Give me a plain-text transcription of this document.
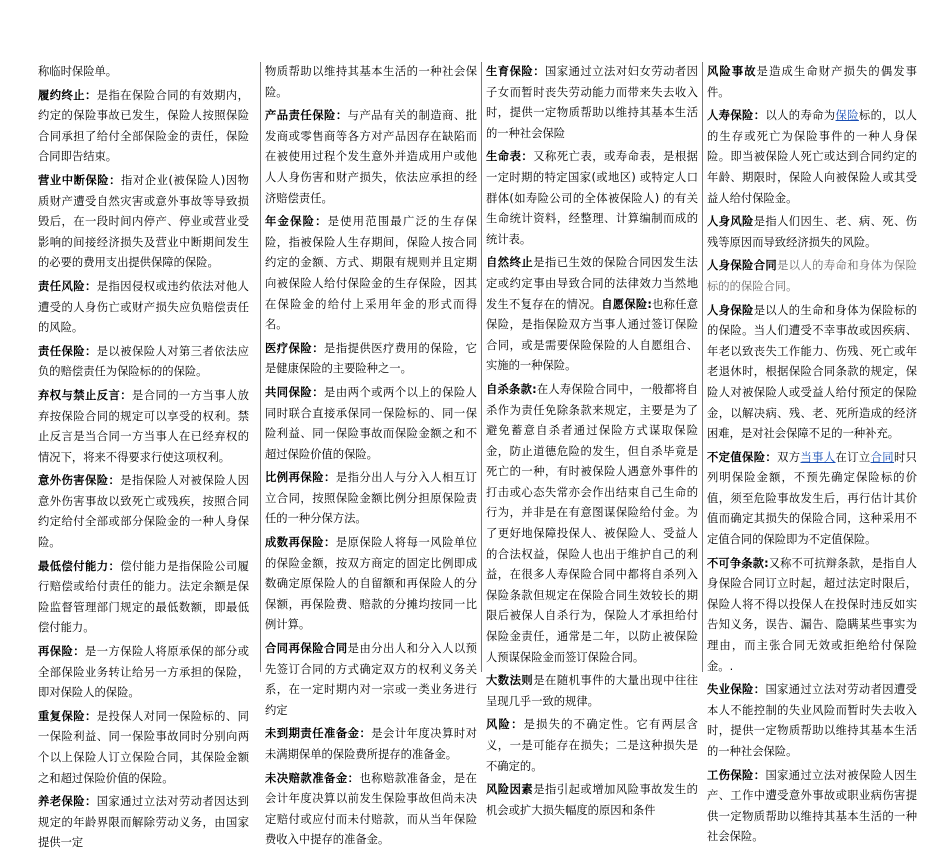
称临时保险单。

履约终止：是指在保险合同的有效期内，约定的保险事故已发生，保险人按照保险合同承担了给付全部保险金的责任，保险合同即告结束。

营业中断保险：指对企业(被保险人)因物质财产遭受自然灾害或意外事故等导致损毁后，在一段时间内停产、停业或营业受影响的间接经济损失及营业中断期间发生的必要的费用支出提供保障的保险。

责任风险：是指因侵权或违约依法对他人遭受的人身伤亡或财产损失应负赔偿责任的风险。

责任保险：是以被保险人对第三者依法应负的赔偿责任为保险标的的保险。

弃权与禁止反言：是合同的一方当事人放弃按保险合同的规定可以享受的权利。禁止反言是当合同一方当事人在已经弃权的情况下，将来不得要求行使这项权利。

意外伤害保险：是指保险人对被保险人因意外伤害事故以致死亡或残疾，按照合同约定给付全部或部分保险金的一种人身保险。

最低偿付能力：偿付能力是指保险公司履行赔偿或给付责任的能力。法定余额是保险监督管理部门规定的最低数额，即最低偿付能力。

再保险：是一方保险人将原承保的部分或全部保险业务转让给另一方承担的保险，即对保险人的保险。

重复保险：是投保人对同一保险标的、同一保险利益、同一保险事故同时分别向两个以上保险人订立保险合同，其保险金额之和超过保险价值的保险。

养老保险：国家通过立法对劳动者因达到规定的年龄界限而解除劳动义务，由国家提供一定

物质帮助以维持其基本生活的一种社会保险。

产品责任保险：与产品有关的制造商、批发商或零售商等各方对产品因存在缺陷而在被使用过程个发生意外并造成用户或他人人身伤害和财产损失，依法应承担的经济赔偿责任。

年金保险：是使用范围最广泛的生存保险，指被保险人生存期间，保险人按合同约定的金额、方式、期限有规则并且定期向被保险人给付保险金的生存保险，因其在保险金的给付上采用年金的形式而得名。

医疗保险：是指提供医疗费用的保险，它是健康保险的主要险种之一。

共同保险：是由两个或两个以上的保险人同时联合直接承保同一保险标的、同一保险利益、同一保险事故而保险金额之和不超过保险价值的保险。

比例再保险：是指分出人与分入人相互订立合同，按照保险金额比例分担原保险责任的一种分保方法。

成数再保险：是原保险人将每一风险单位的保险金额，按双方商定的固定比例即成数确定原保险人的自留额和再保险人的分保额，再保险费、赔款的分摊均按同一比例计算。

合同再保险合同是由分出人和分入人以预先签订合同的方式确定双方的权利义务关系，在一定时期内对一宗或一类业务进行约定

未到期责任准备金：是会计年度决算时对未满期保单的保险费所提存的准备金。

未决赔款准备金：也称赔款准备金，是在会计年度决算以前发生保险事故但尚未决定赔付或应付而未付赔款，而从当年保险费收入中提存的准备金。

生育保险：国家通过立法对妇女劳动者因子女而暂时丧失劳动能力而带来失去收入时，提供一定物质帮助以维持其基本生活的一种社会保险

生命表：又称死亡表，或寿命表，是根据一定时期的特定国家(或地区) 或特定人口群体(如寿险公司的全体被保险人) 的有关生命统计资料，经整理、计算编制而成的统计表。

自然终止是指已生效的保险合同因发生法定或约定事由导致合同的法律效力当然地发生不复存在的情况。自愿保险:也称任意保险，是指保险双方当事人通过签订保险合同，或是需要保险保险的人自愿组合、实施的一种保险。

自杀条款:在人寿保险合同中，一般都将自杀作为责任免除条款来规定，主要是为了避免蓄意自杀者通过保险方式谋取保险金，防止道德危险的发生，但自杀毕竟是死亡的一种，有时被保险人遇意外事件的打击或心态失常亦会作出结束自己生命的行为，并非是在有意图谋保险给付金。为了更好地保障投保人、被保险人、受益人的合法权益，保险人也出于维护自己的利益，在很多人寿保险合同中都将自杀列入保险条款但规定在保险合同生效较长的期限后被保人自杀行为，保险人才承担给付保险金责任，通常是二年，以防止被保险人预谋保险金而签订保险合同。

大数法则是在随机事件的大量出现中往往呈现几乎一致的规律。

风险：是损失的不确定性。它有两层含义，一是可能存在损失；二是这种损失是不确定的。

风险因素是指引起或增加风险事故发生的机会或扩大损失幅度的原因和条件

风险事故是造成生命财产损失的偶发事件。

人寿保险：以人的寿命为保险标的，以人的生存或死亡为保险事件的一种人身保险。即当被保险人死亡或达到合同约定的年龄、期限时，保险人向被保险人或其受益人给付保险金。

人身风险是指人们因生、老、病、死、伤残等原因而导致经济损失的风险。

人身保险合同是以人的寿命和身体为保险标的的保险合同。

人身保险是以人的生命和身体为保险标的的保险。当人们遭受不幸事故或因疾病、年老以致丧失工作能力、伤残、死亡或年老退休时，根据保险合同条款的规定，保险人对被保险人或受益人给付预定的保险金，以解决病、残、老、死所造成的经济困难，是对社会保障不足的一种补充。

不定值保险：双方当事人在订立合同时只列明保险金额，不预先确定保险标的价值，须至危险事故发生后，再行估计其价值而确定其损失的保险合同，这种采用不定值合同的保险即为不定值保险。

不可争条款:又称不可抗辩条款，是指自人身保险合同订立时起，超过法定时限后，保险人将不得以投保人在投保时违反如实告知义务，误告、漏告、隐瞒某些事实为理由，而主张合同无效或拒绝给付保险金。.

失业保险：国家通过立法对劳动者因遭受本人不能控制的失业风险而暂时失去收入时，提供一定物质帮助以维持其基本生活的一种社会保险。

工伤保险：国家通过立法对被保险人因生产、工作中遭受意外事故或职业病伤害提供一定物质帮助以维持其基本生活的一种社会保险。
